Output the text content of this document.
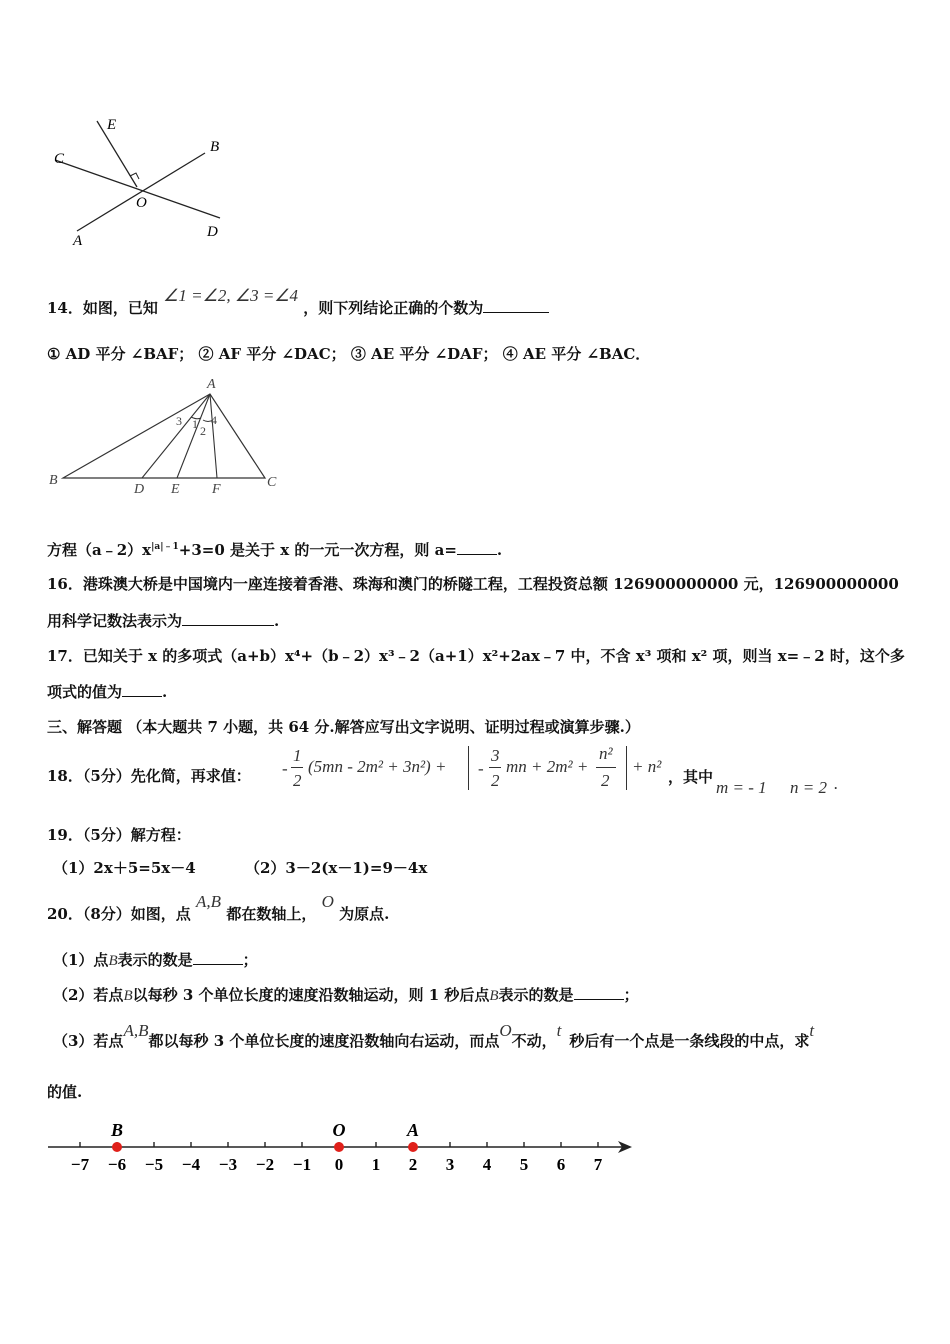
E
B
C
O
A
D
14．如图，已知 ∠1 =∠2, ∠3 =∠4 ，则下列结论正确的个数为
① AD 平分 ∠BAF； ② AF 平分 ∠DAC； ③ AE 平分 ∠DAF； ④ AE 平分 ∠BAC．
A
B	C
D E F
1 2
3 4
方程$(a﹣2)x^{|a|﹣1}+3=0$ 是关于 x 的一元一次方程，则 a=	.
16．港珠澳大桥是中国境内一座连接着香港、珠海和澳门的桥隧工程，工程投资总额 126900000000 元，126900000000
用科学记数法表示为	.
17．已知关于 x 的多项式（a+b）x⁴+（b﹣2）x³﹣2（a+1）x²+2ax﹣7 中，不含 x³ 项和 x² 项，则当 x=﹣2 时，这个多
项式的值为	.
三、解答题 （本大题共 7 小题，共 64 分.解答应写出文字说明、证明过程或演算步骤.）
18．（5分）先化简，再求值： -
1
2
(5mn - 2m² + 3n²) + -
3
2
mn + 2m² +
n²
2
+ n²
，其中
m = - 1 n = 2 .
19．（5分）解方程：
（1）2x＋5=5x－4	（2）3－2(x－1)=9－4x
20．（8分）如图，点 A,B 都在数轴上， O 为原点.
（1）点B表示的数是	；
（2）若点B以每秒 3 个单位长度的速度沿数轴运动，则 1 秒后点B表示的数是	；
（3）若点A,B都以每秒 3 个单位长度的速度沿数轴向右运动，而点O不动，t秒后有一个点是一条线段的中点，求t
的值.
−7 −6 −5 −4 −3 −2 −1 0 1 2 3 4 5 6 7
B	O	A
